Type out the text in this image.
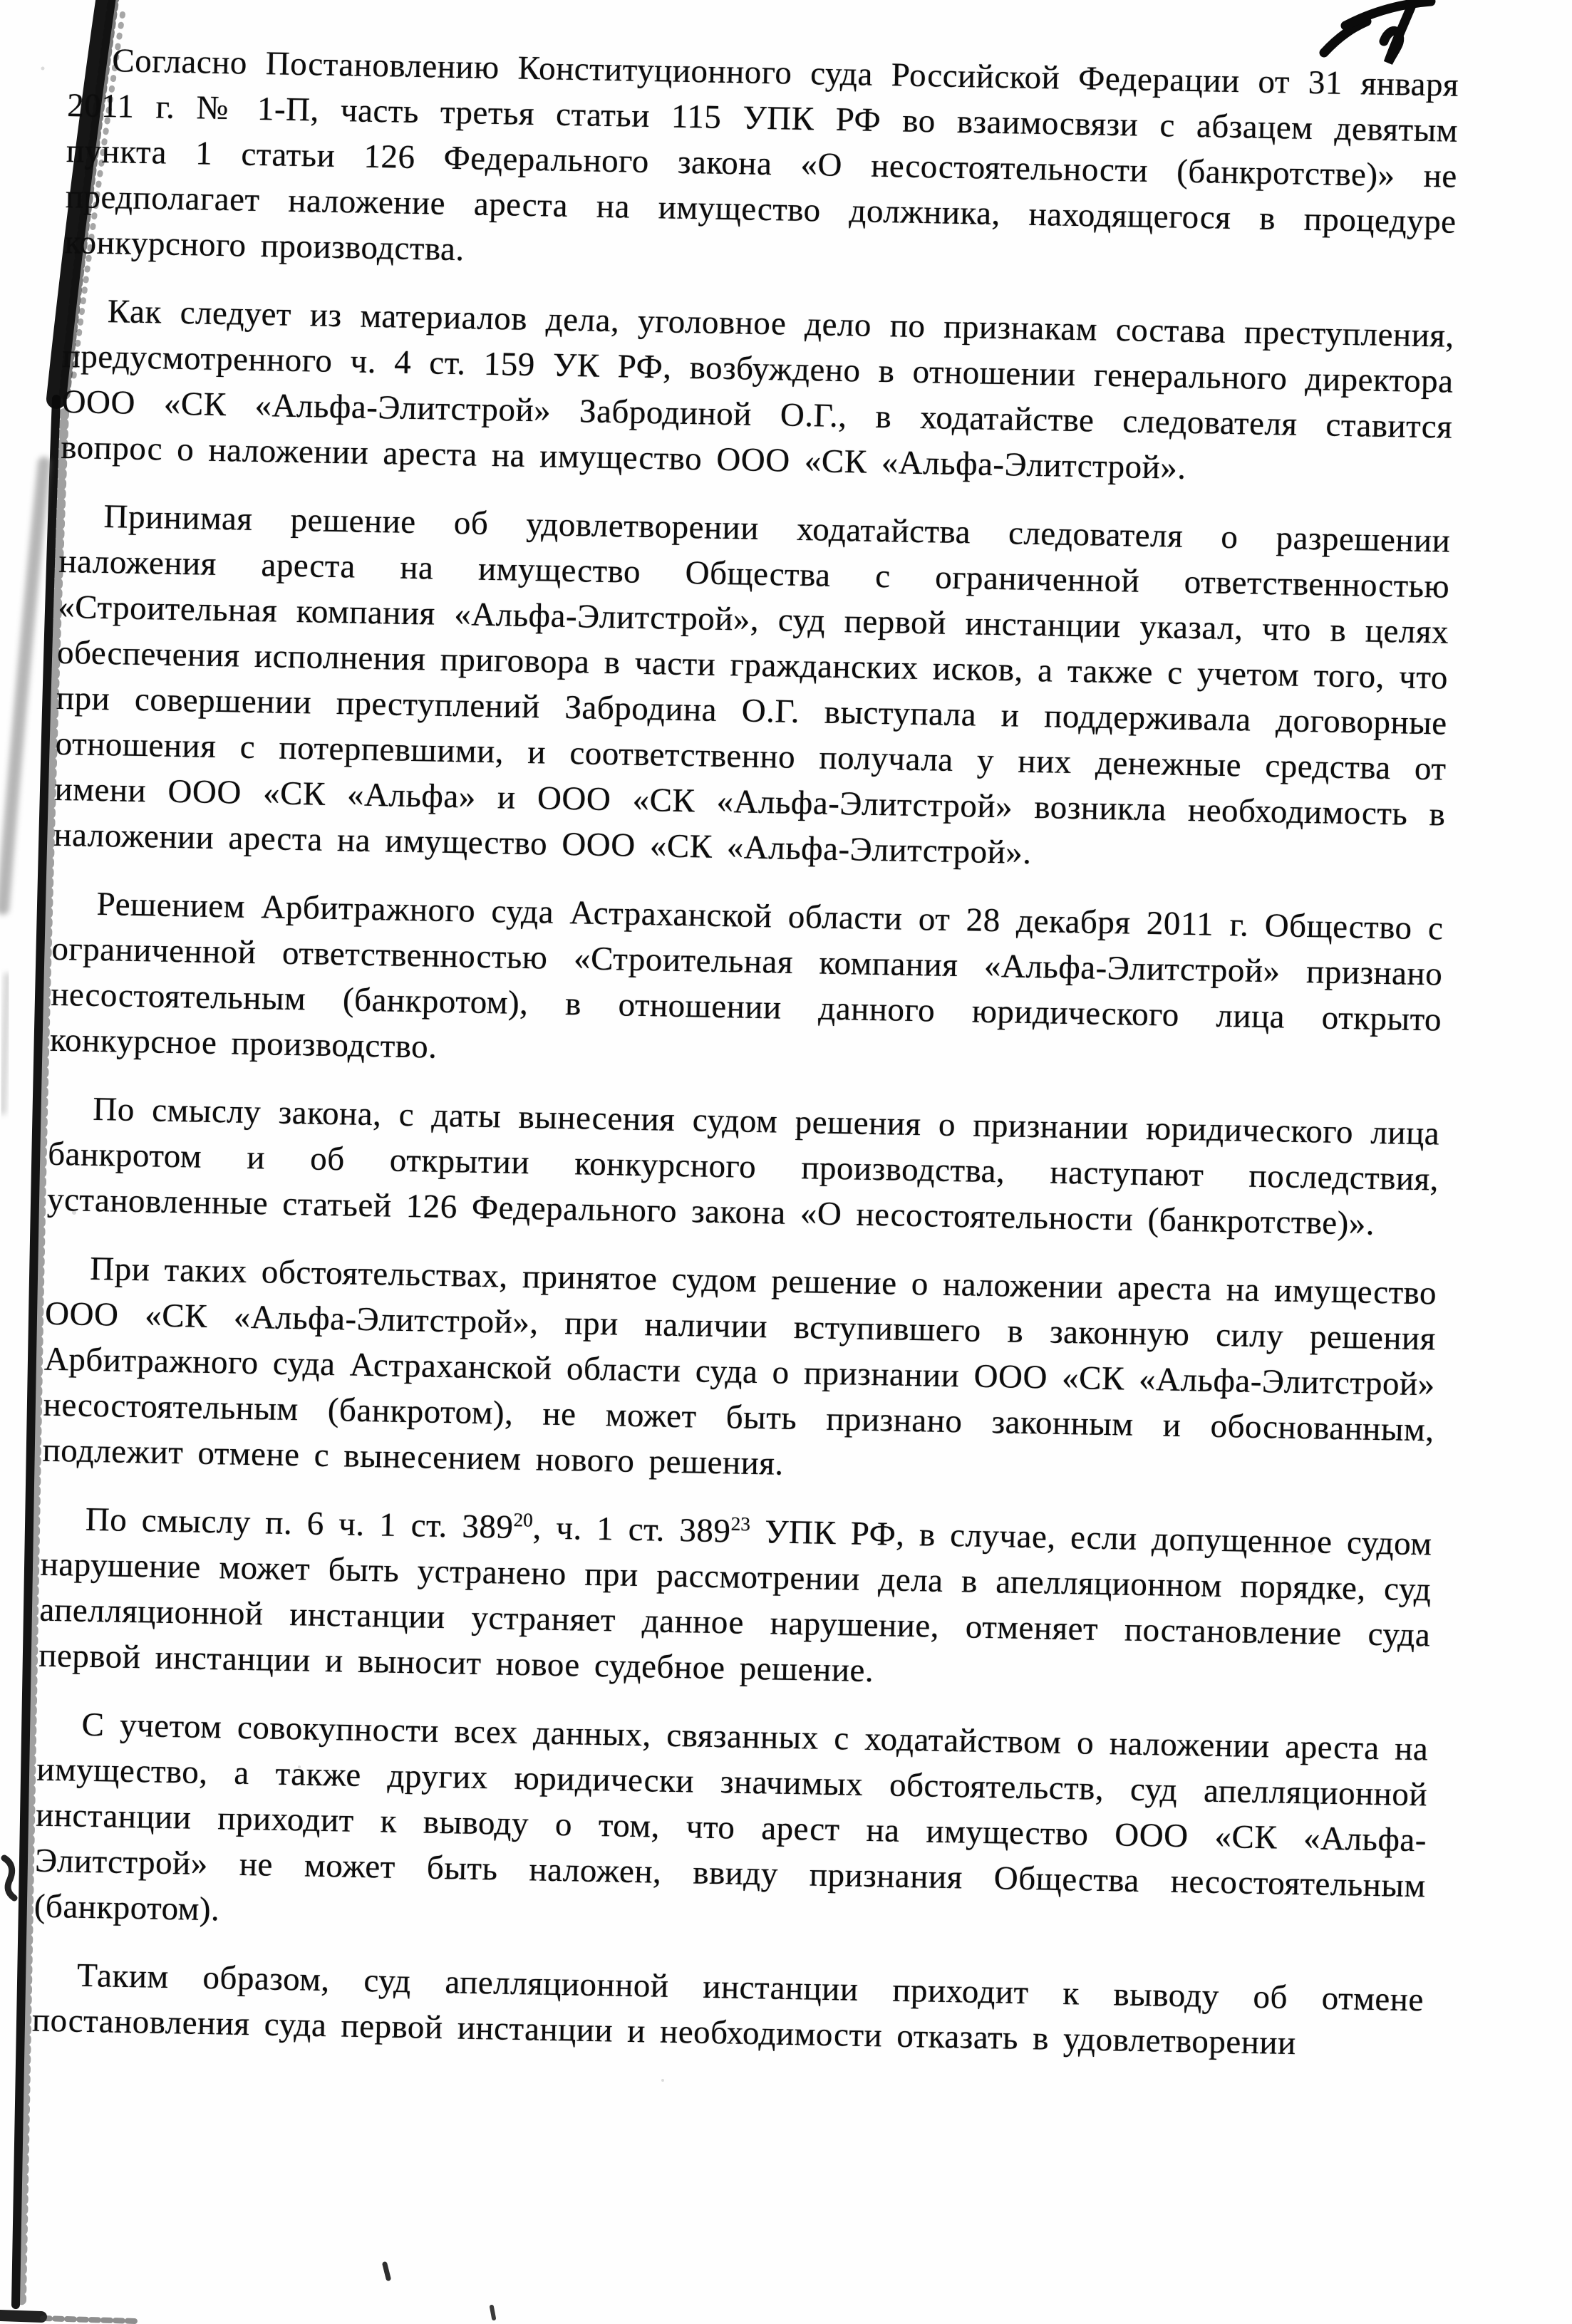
Согласно Постановлению Конституционного суда Российской Федерации от 31 января 2011 г. № 1-П, часть третья статьи 115 УПК РФ во взаимосвязи с абзацем девятым пункта 1 статьи 126 Федерального закона «О несостоятельности (банкротстве)» не предполагает наложение ареста на имущество должника, находящегося в процедуре конкурсного производства.

Как следует из материалов дела, уголовное дело по признакам состава преступления, предусмотренного ч. 4 ст. 159 УК РФ, возбуждено в отношении генерального директора ООО «СК «Альфа-Элитстрой» Забродиной О.Г., в ходатайстве следователя ставится вопрос о наложении ареста на имущество ООО «СК «Альфа-Элитстрой».

Принимая решение об удовлетворении ходатайства следователя о разрешении наложения ареста на имущество Общества с ограниченной ответственностью «Строительная компания «Альфа-Элитстрой», суд первой инстанции указал, что в целях обеспечения исполнения приговора в части гражданских исков, а также с учетом того, что при совершении преступлений Забродина О.Г. выступала и поддерживала договорные отношения с потерпевшими, и соответственно получала у них денежные средства от имени ООО «СК «Альфа» и ООО «СК «Альфа-Элитстрой» возникла необходимость в наложении ареста на имущество ООО «СК «Альфа-Элитстрой».

Решением Арбитражного суда Астраханской области от 28 декабря 2011 г. Общество с ограниченной ответственностью «Строительная компания «Альфа-Элитстрой» признано несостоятельным (банкротом), в отношении данного юридического лица открыто конкурсное производство.

По смыслу закона, с даты вынесения судом решения о признании юридического лица банкротом и об открытии конкурсного производства, наступают последствия, установленные статьей 126 Федерального закона «О несостоятельности (банкротстве)».

При таких обстоятельствах, принятое судом решение о наложении ареста на имущество ООО «СК «Альфа-Элитстрой», при наличии вступившего в законную силу решения Арбитражного суда Астраханской области суда о признании ООО «СК «Альфа-Элитстрой» несостоятельным (банкротом), не может быть признано законным и обоснованным, подлежит отмене с вынесением нового решения.

По смыслу п. 6 ч. 1 ст. $389^{20}$, ч. 1 ст. $389^{23}$ УПК РФ, в случае, если допущенное судом нарушение может быть устранено при рассмотрении дела в апелляционном порядке, суд апелляционной инстанции устраняет данное нарушение, отменяет постановление суда первой инстанции и выносит новое судебное решение.

С учетом совокупности всех данных, связанных с ходатайством о наложении ареста на имущество, а также других юридически значимых обстоятельств, суд апелляционной инстанции приходит к выводу о том, что арест на имущество ООО «СК «Альфа-Элитстрой» не может быть наложен, ввиду признания Общества несостоятельным (банкротом).

Таким образом, суд апелляционной инстанции приходит к выводу об отмене постановления суда первой инстанции и необходимости отказать в удовлетворении
